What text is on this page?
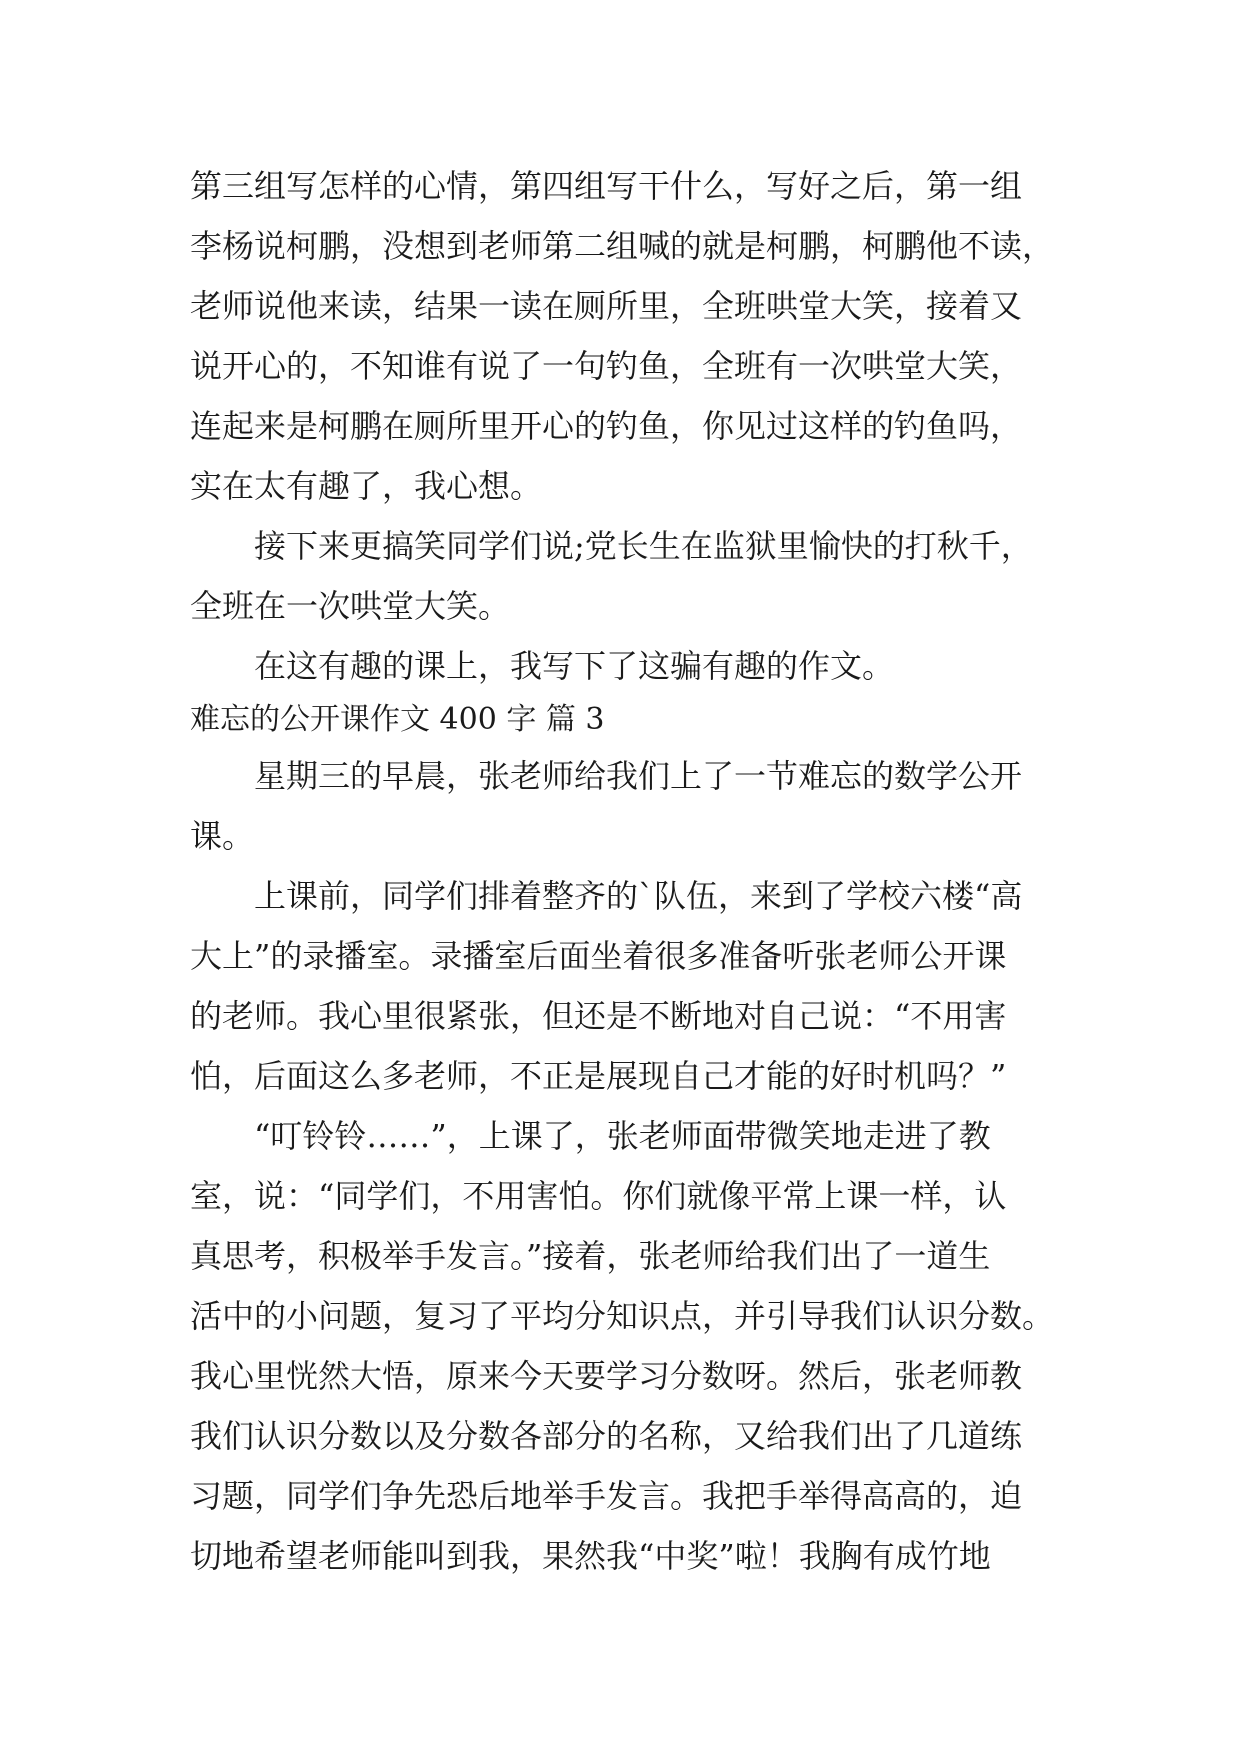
第三组写怎样的心情，第四组写干什么，写好之后，第一组
李杨说柯鹏，没想到老师第二组喊的就是柯鹏，柯鹏他不读，
老师说他来读，结果一读在厕所里，全班哄堂大笑，接着又
说开心的，不知谁有说了一句钓鱼，全班有一次哄堂大笑，
连起来是柯鹏在厕所里开心的钓鱼，你见过这样的钓鱼吗，
实在太有趣了，我心想。
接下来更搞笑同学们说;党长生在监狱里愉快的打秋千，
全班在一次哄堂大笑。
在这有趣的课上，我写下了这骗有趣的作文。
难忘的公开课作文 400 字 篇 3
星期三的早晨，张老师给我们上了一节难忘的数学公开
课。
上课前，同学们排着整齐的`队伍，来到了学校六楼“高
大上”的录播室。录播室后面坐着很多准备听张老师公开课
的老师。我心里很紧张，但还是不断地对自己说：“不用害
怕，后面这么多老师，不正是展现自己才能的好时机吗？”
“叮铃铃……”，上课了，张老师面带微笑地走进了教
室，说：“同学们，不用害怕。你们就像平常上课一样，认
真思考，积极举手发言。”接着，张老师给我们出了一道生
活中的小问题，复习了平均分知识点，并引导我们认识分数。
我心里恍然大悟，原来今天要学习分数呀。然后，张老师教
我们认识分数以及分数各部分的名称，又给我们出了几道练
习题，同学们争先恐后地举手发言。我把手举得高高的，迫
切地希望老师能叫到我，果然我“中奖”啦！我胸有成竹地
